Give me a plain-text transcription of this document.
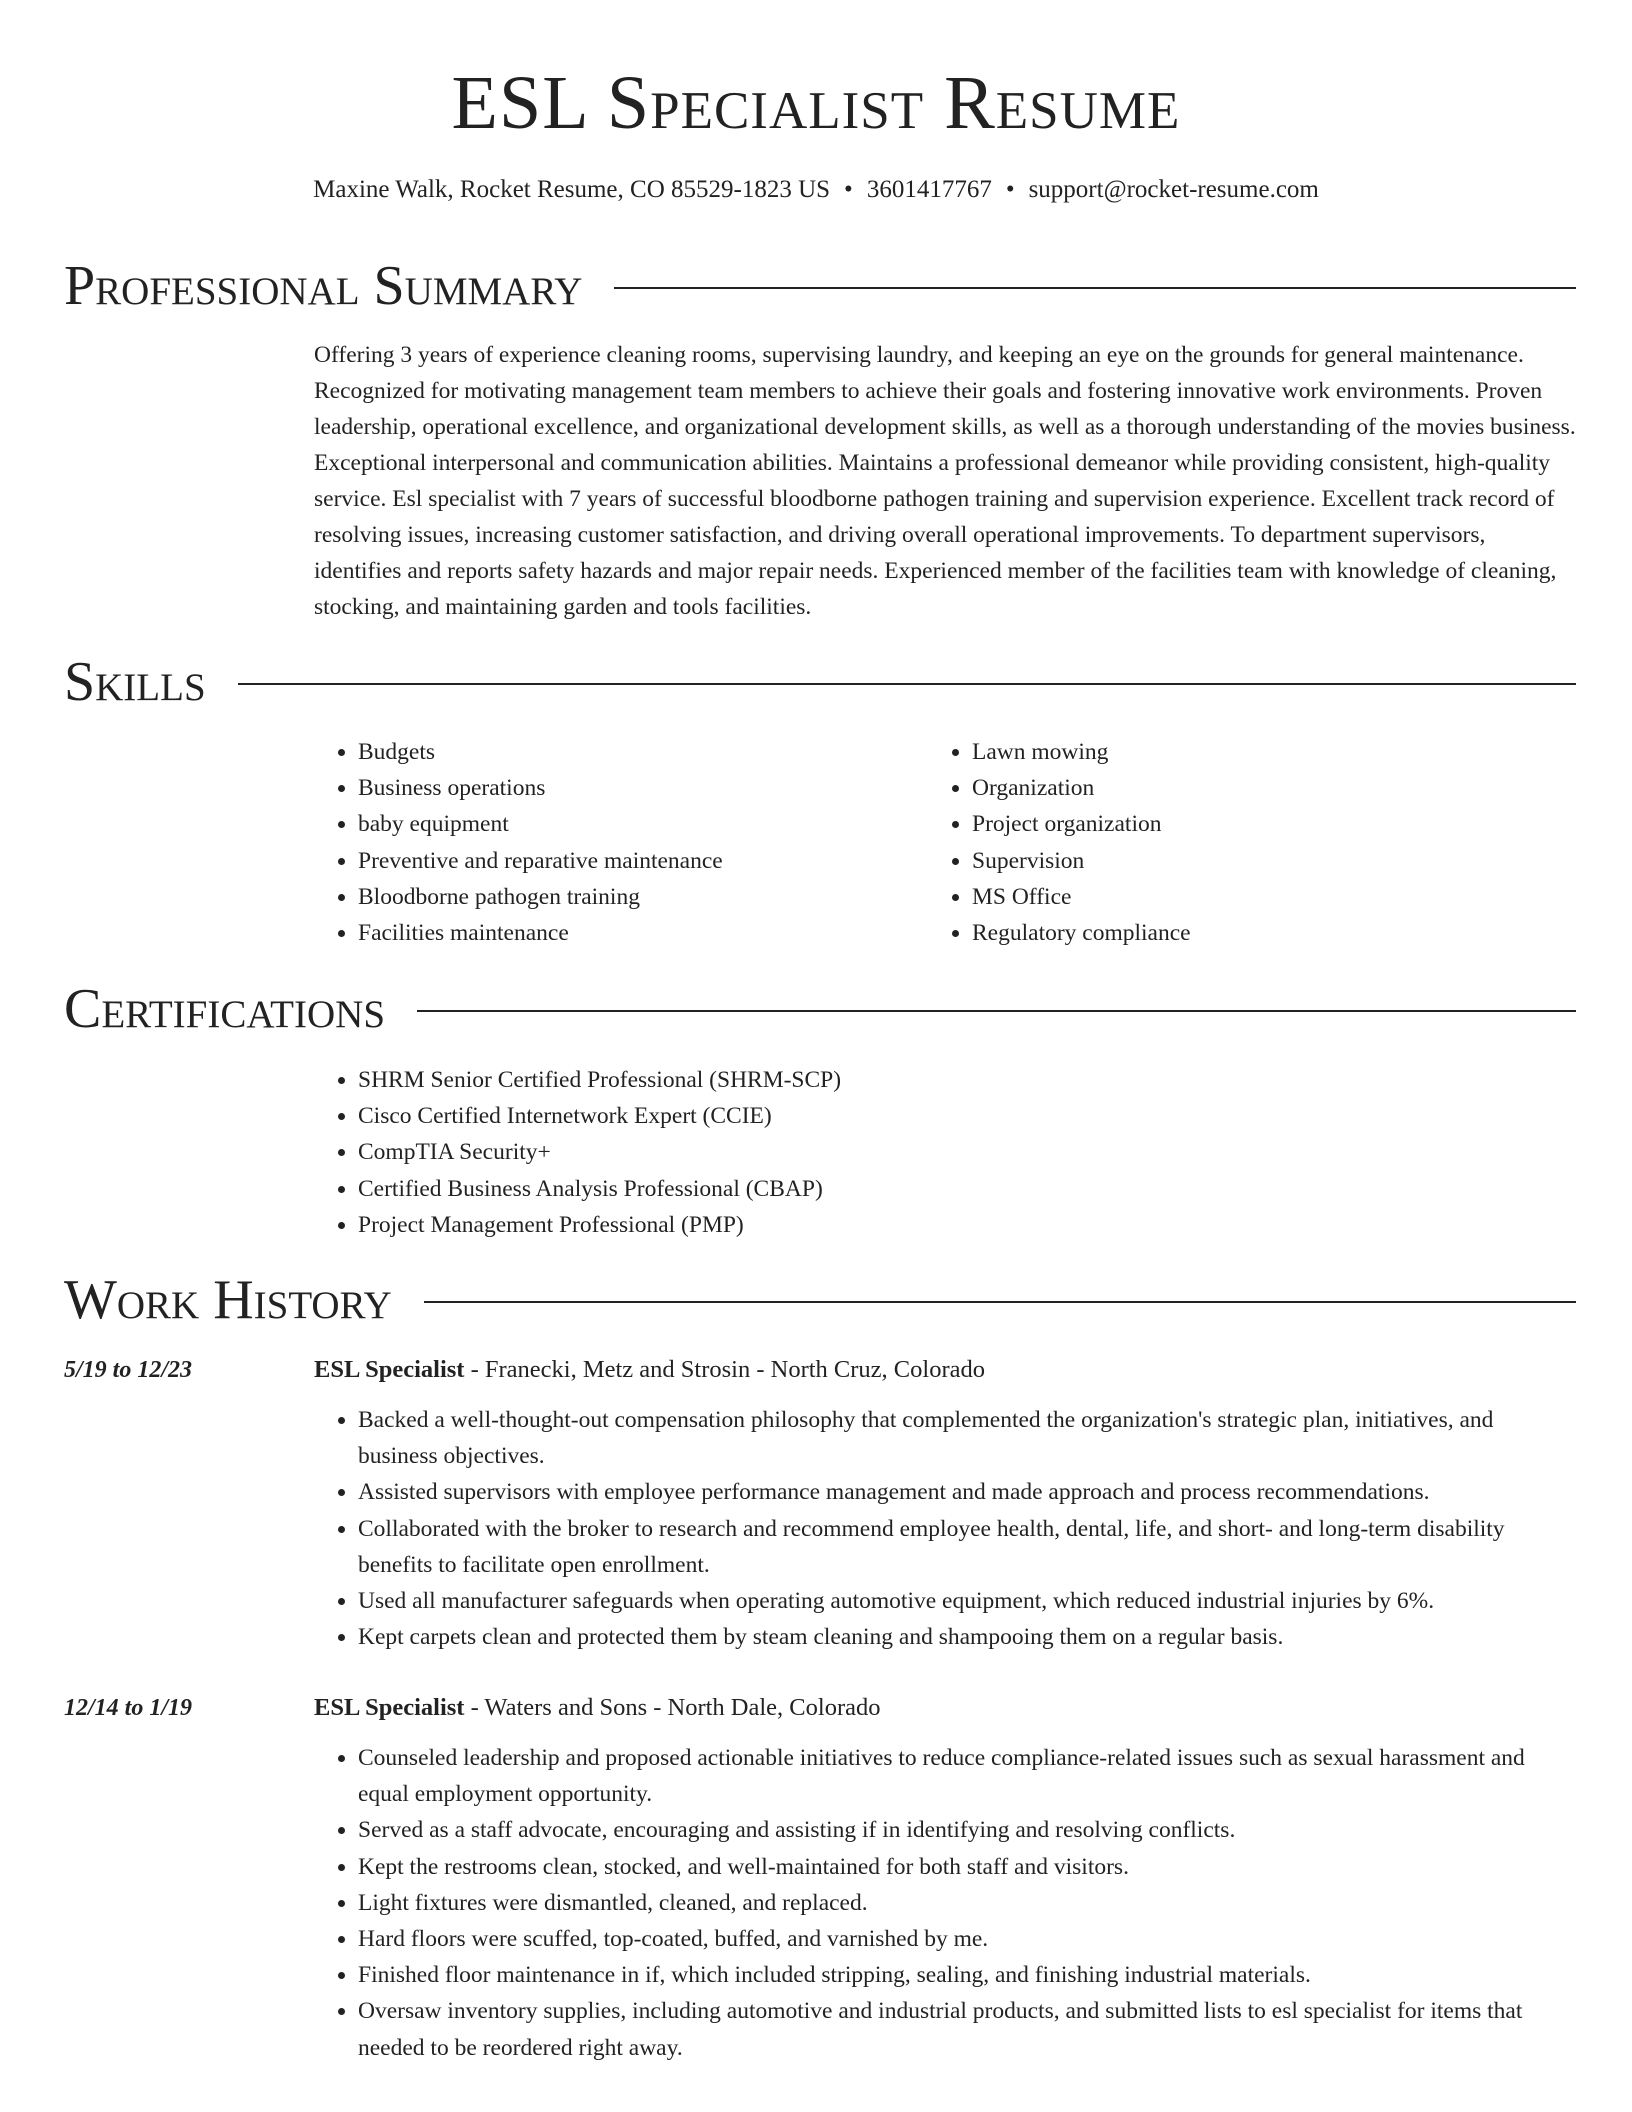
ESL Specialist Resume
Maxine Walk, Rocket Resume, CO 85529-1823 US • 3601417767 • support@rocket-resume.com
Professional Summary

Offering 3 years of experience cleaning rooms, supervising laundry, and keeping an eye on the grounds for general maintenance. Recognized for motivating management team members to achieve their goals and fostering innovative work environments. Proven leadership, operational excellence, and organizational development skills, as well as a thorough understanding of the movies business. Exceptional interpersonal and communication abilities. Maintains a professional demeanor while providing consistent, high-quality service. Esl specialist with 7 years of successful bloodborne pathogen training and supervision experience. Excellent track record of resolving issues, increasing customer satisfaction, and driving overall operational improvements. To department supervisors, identifies and reports safety hazards and major repair needs. Experienced member of the facilities team with knowledge of cleaning, stocking, and maintaining garden and tools facilities.

Skills
• Budgets
• Business operations
• baby equipment
• Preventive and reparative maintenance
• Bloodborne pathogen training
• Facilities maintenance
• Lawn mowing
• Organization
• Project organization
• Supervision
• MS Office
• Regulatory compliance
Certifications
• SHRM Senior Certified Professional (SHRM-SCP)
• Cisco Certified Internetwork Expert (CCIE)
• CompTIA Security+
• Certified Business Analysis Professional (CBAP)
• Project Management Professional (PMP)
Work History
5/19 to 12/23	ESL Specialist - Franecki, Metz and Strosin - North Cruz, Colorado
• Backed a well-thought-out compensation philosophy that complemented the organization's strategic plan, initiatives, and business objectives.
• Assisted supervisors with employee performance management and made approach and process recommendations.
• Collaborated with the broker to research and recommend employee health, dental, life, and short- and long-term disability benefits to facilitate open enrollment.
• Used all manufacturer safeguards when operating automotive equipment, which reduced industrial injuries by 6%.
• Kept carpets clean and protected them by steam cleaning and shampooing them on a regular basis.
12/14 to 1/19	ESL Specialist - Waters and Sons - North Dale, Colorado
• Counseled leadership and proposed actionable initiatives to reduce compliance-related issues such as sexual harassment and equal employment opportunity.
• Served as a staff advocate, encouraging and assisting if in identifying and resolving conflicts.
• Kept the restrooms clean, stocked, and well-maintained for both staff and visitors.
• Light fixtures were dismantled, cleaned, and replaced.
• Hard floors were scuffed, top-coated, buffed, and varnished by me.
• Finished floor maintenance in if, which included stripping, sealing, and finishing industrial materials.
• Oversaw inventory supplies, including automotive and industrial products, and submitted lists to esl specialist for items that needed to be reordered right away.
